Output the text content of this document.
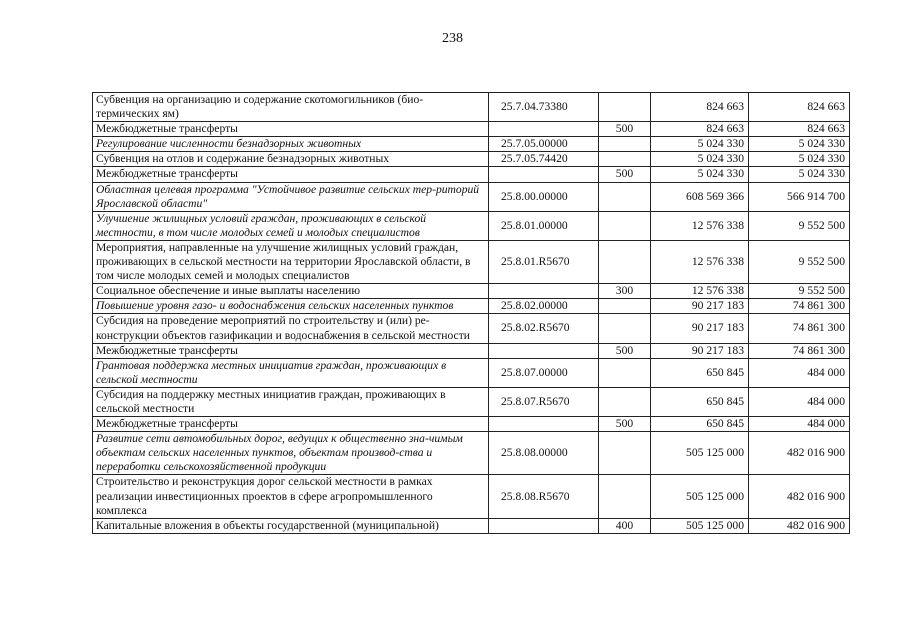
238
Субвенция на организацию и содержание скотомогильников (био-термических ям)	25.7.04.73380		824 663	824 663
Межбюджетные трансферты		500	824 663	824 663
Регулирование численности безнадзорных животных	25.7.05.00000		5 024 330	5 024 330
Субвенция на отлов и содержание безнадзорных животных	25.7.05.74420		5 024 330	5 024 330
Межбюджетные трансферты		500	5 024 330	5 024 330
Областная целевая программа "Устойчивое развитие сельских тер-риторий Ярославской области"	25.8.00.00000		608 569 366	566 914 700
Улучшение жилищных условий граждан, проживающих в сельской местности, в том числе молодых семей и молодых специалистов	25.8.01.00000		12 576 338	9 552 500
Мероприятия, направленные на улучшение жилищных условий граждан, проживающих в сельской местности на территории Ярославской области, в том числе молодых семей и молодых специалистов	25.8.01.R5670		12 576 338	9 552 500
Социальное обеспечение и иные выплаты населению		300	12 576 338	9 552 500
Повышение уровня газо- и водоснабжения сельских населенных пунктов	25.8.02.00000		90 217 183	74 861 300
Субсидия на проведение мероприятий по строительству и (или) ре-конструкции объектов газификации и водоснабжения в сельской местности	25.8.02.R5670		90 217 183	74 861 300
Межбюджетные трансферты		500	90 217 183	74 861 300
Грантовая поддержка местных инициатив граждан, проживающих в сельской местности	25.8.07.00000		650 845	484 000
Субсидия на поддержку местных инициатив граждан, проживающих в сельской местности	25.8.07.R5670		650 845	484 000
Межбюджетные трансферты		500	650 845	484 000
Развитие сети автомобильных дорог, ведущих к общественно зна-чимым объектам сельских населенных пунктов, объектам производ-ства и переработки сельскохозяйственной продукции	25.8.08.00000		505 125 000	482 016 900
Строительство и реконструкция дорог сельской местности в рамках реализации инвестиционных проектов в сфере агропромышленного комплекса	25.8.08.R5670		505 125 000	482 016 900
Капитальные вложения в объекты государственной (муниципальной)		400	505 125 000	482 016 900
